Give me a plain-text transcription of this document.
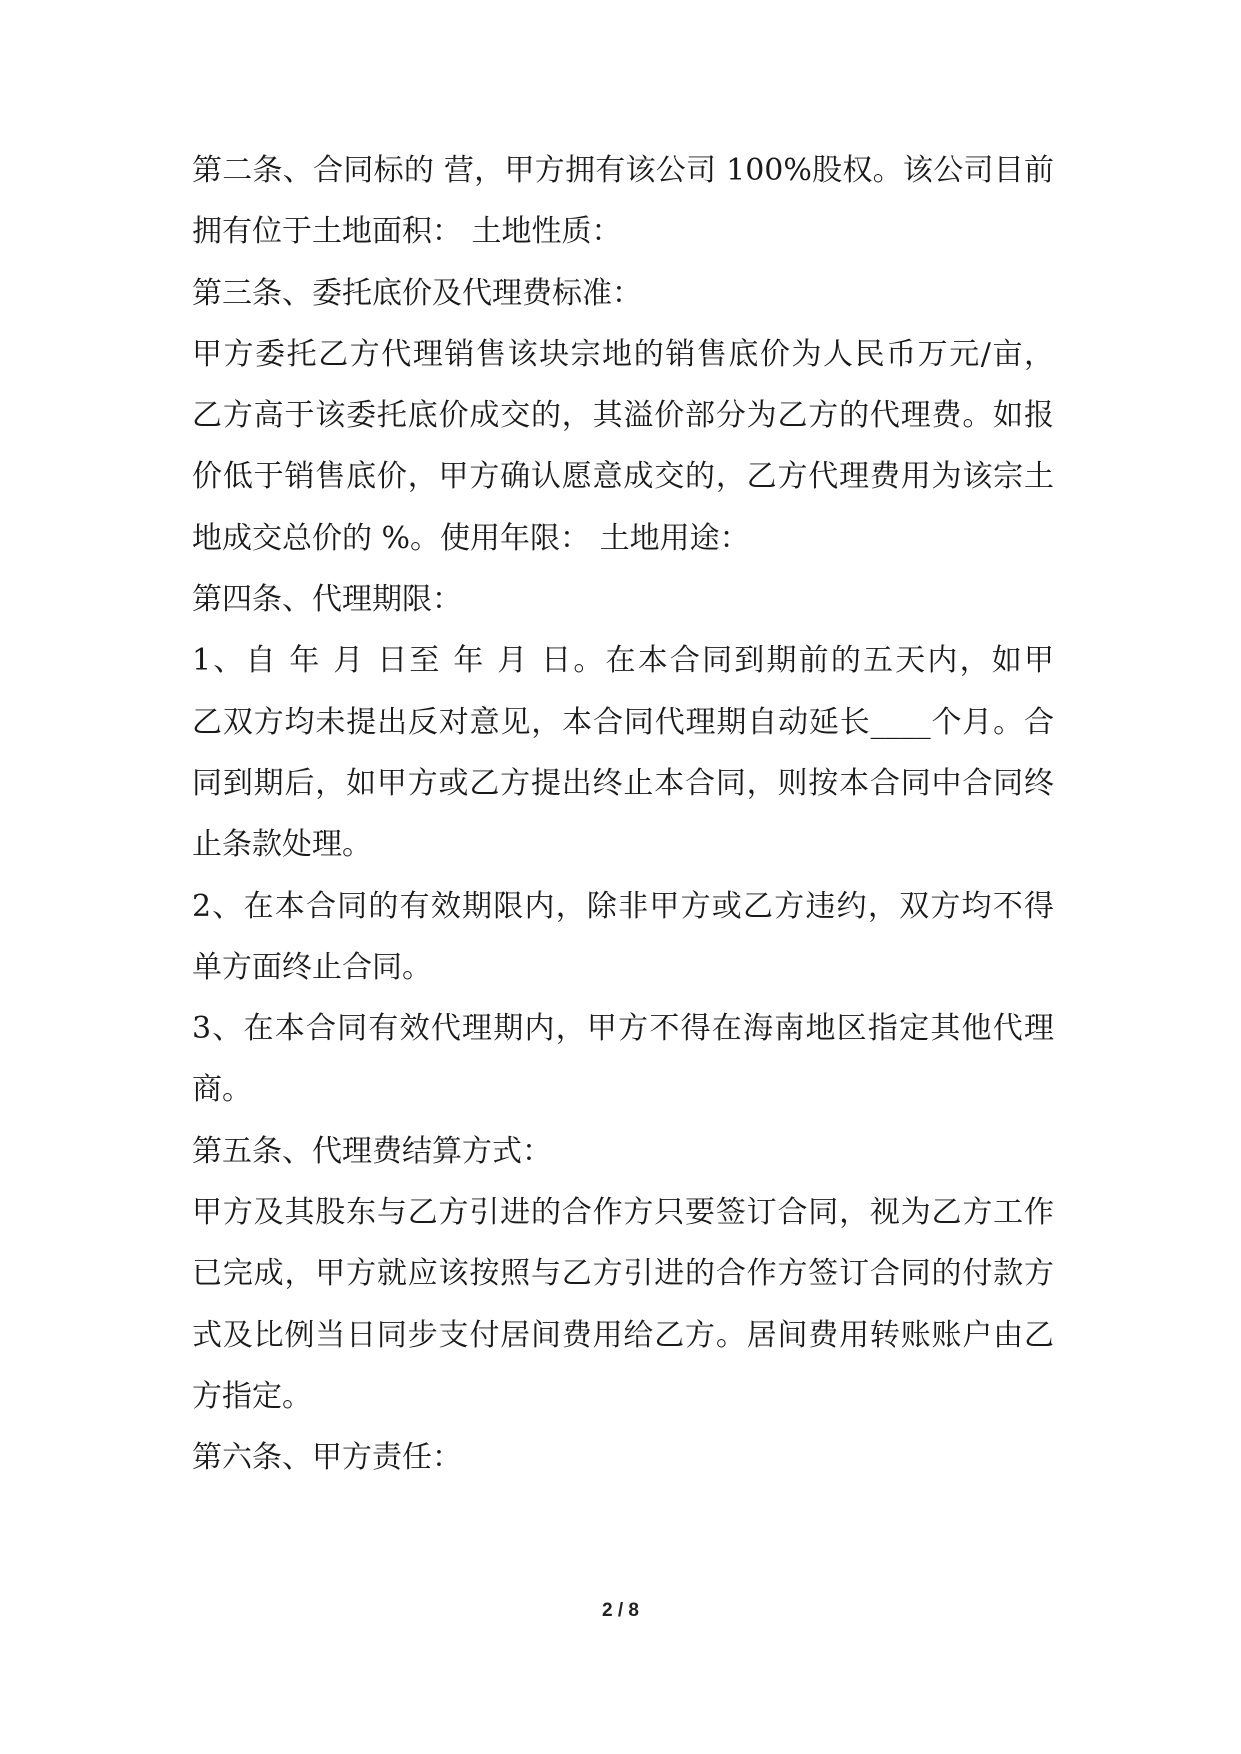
第二条、合同标的 营，甲方拥有该公司 100%股权。该公司目前
拥有位于土地面积： 土地性质：
第三条、委托底价及代理费标准：
甲方委托乙方代理销售该块宗地的销售底价为人民币万元/亩，
乙方高于该委托底价成交的，其溢价部分为乙方的代理费。如报
价低于销售底价，甲方确认愿意成交的，乙方代理费用为该宗土
地成交总价的 %。使用年限： 土地用途：
第四条、代理期限：
1、自 年 月 日至 年 月 日。在本合同到期前的五天内，如甲
乙双方均未提出反对意见，本合同代理期自动延长____个月。合
同到期后，如甲方或乙方提出终止本合同，则按本合同中合同终
止条款处理。
2、在本合同的有效期限内，除非甲方或乙方违约，双方均不得
单方面终止合同。
3、在本合同有效代理期内，甲方不得在海南地区指定其他代理
商。
第五条、代理费结算方式：
甲方及其股东与乙方引进的合作方只要签订合同，视为乙方工作
已完成，甲方就应该按照与乙方引进的合作方签订合同的付款方
式及比例当日同步支付居间费用给乙方。居间费用转账账户由乙
方指定。
第六条、甲方责任：
2 / 8
